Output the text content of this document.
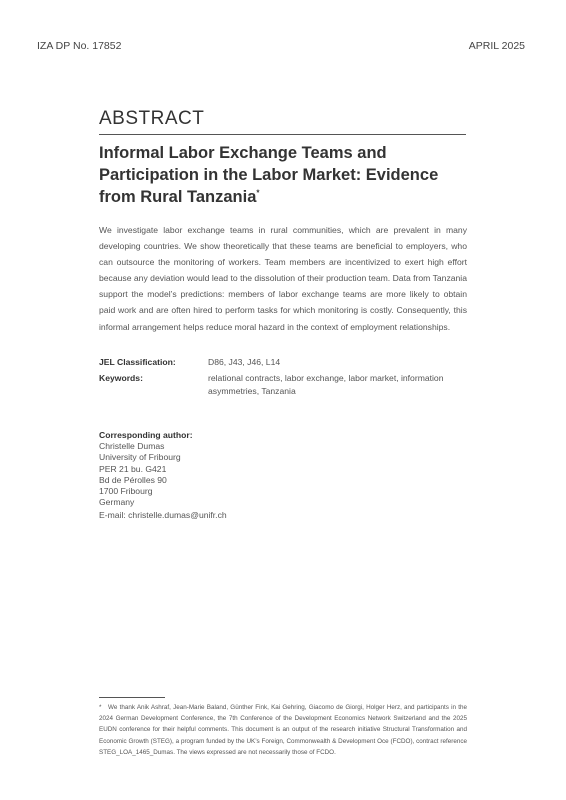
IZA DP No. 17852	APRIL 2025
ABSTRACT
Informal Labor Exchange Teams and Participation in the Labor Market: Evidence from Rural Tanzania*

We investigate labor exchange teams in rural communities, which are prevalent in many developing countries. We show theoretically that these teams are beneficial to employers, who can outsource the monitoring of workers. Team members are incentivized to exert high effort because any deviation would lead to the dissolution of their production team. Data from Tanzania support the model’s predictions: members of labor exchange teams are more likely to obtain paid work and are often hired to perform tasks for which monitoring is costly. Consequently, this informal arrangement helps reduce moral hazard in the context of employment relationships.

JEL Classification:	D86, J43, J46, L14
Keywords:	relational contracts, labor exchange, labor market, information asymmetries, Tanzania
Corresponding author:
Christelle Dumas
University of Fribourg
PER 21 bu. G421
Bd de Pérolles 90
1700 Fribourg
Germany
E-mail: christelle.dumas@unifr.ch

* We thank Anik Ashraf, Jean-Marie Baland, Günther Fink, Kai Gehring, Giacomo de Giorgi, Holger Herz, and participants in the 2024 German Development Conference, the 7th Conference of the Development Economics Network Switzerland and the 2025 EUDN conference for their helpful comments. This document is an output of the research initiative Structural Transformation and Economic Growth (STEG), a program funded by the UK’s Foreign, Commonwealth & Development Oce (FCDO), contract reference STEG_LOA_1465_Dumas. The views expressed are not necessarily those of FCDO.
